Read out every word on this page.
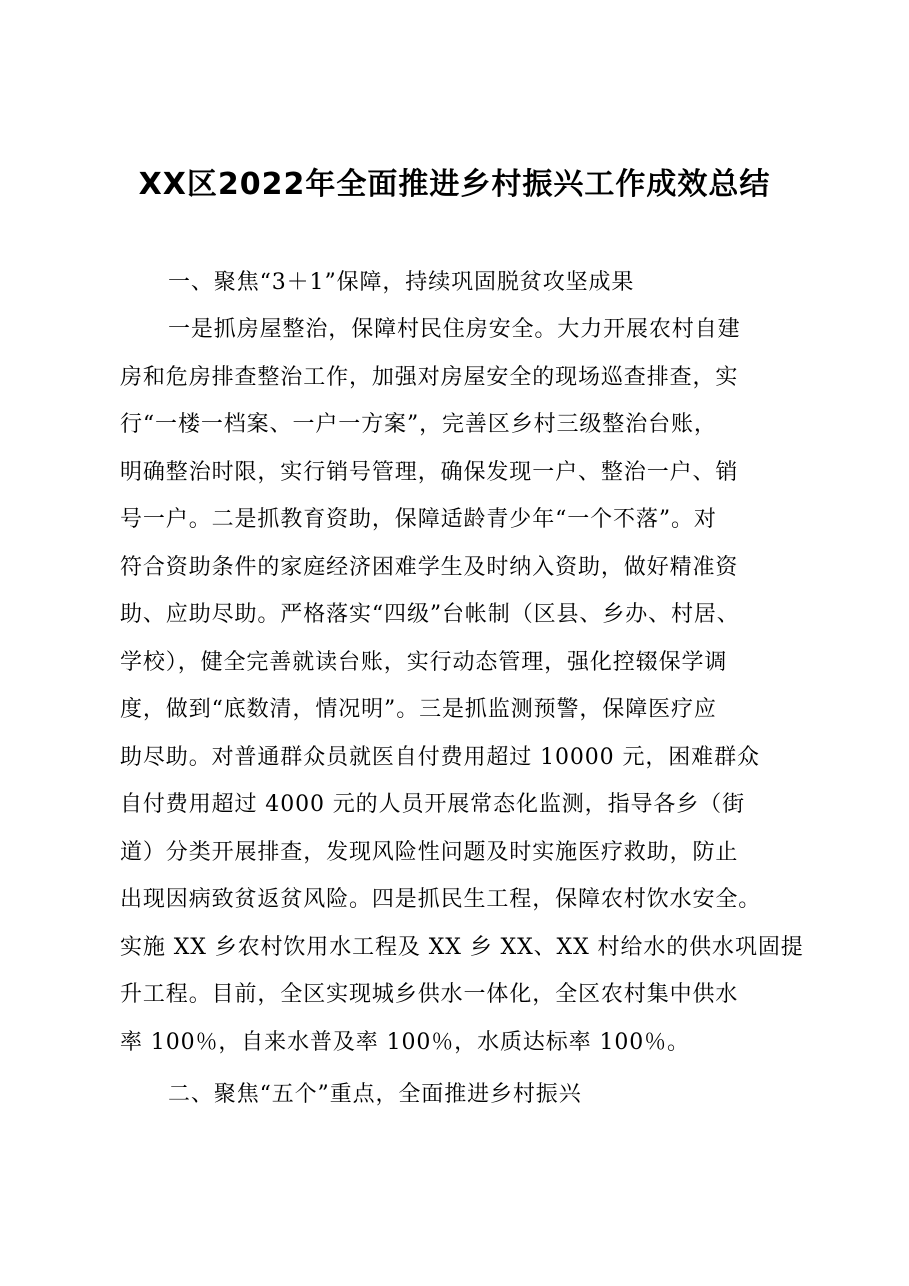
XX区2022年全面推进乡村振兴工作成效总结
一、聚焦“3＋1”保障，持续巩固脱贫攻坚成果
一是抓房屋整治，保障村民住房安全。大力开展农村自建
房和危房排查整治工作，加强对房屋安全的现场巡查排查，实
行“一楼一档案、一户一方案”，完善区乡村三级整治台账，
明确整治时限，实行销号管理，确保发现一户、整治一户、销
号一户。二是抓教育资助，保障适龄青少年“一个不落”。对
符合资助条件的家庭经济困难学生及时纳入资助，做好精准资
助、应助尽助。严格落实“四级”台帐制（区县、乡办、村居、
学校），健全完善就读台账，实行动态管理，强化控辍保学调
度，做到“底数清，情况明”。三是抓监测预警，保障医疗应
助尽助。对普通群众员就医自付费用超过 10000 元，困难群众
自付费用超过 4000 元的人员开展常态化监测，指导各乡（街
道）分类开展排查，发现风险性问题及时实施医疗救助，防止
出现因病致贫返贫风险。四是抓民生工程，保障农村饮水安全。
实施 XX 乡农村饮用水工程及 XX 乡 XX、XX 村给水的供水巩固提
升工程。目前，全区实现城乡供水一体化，全区农村集中供水
率 100％，自来水普及率 100％，水质达标率 100％。
二、聚焦“五个”重点，全面推进乡村振兴
